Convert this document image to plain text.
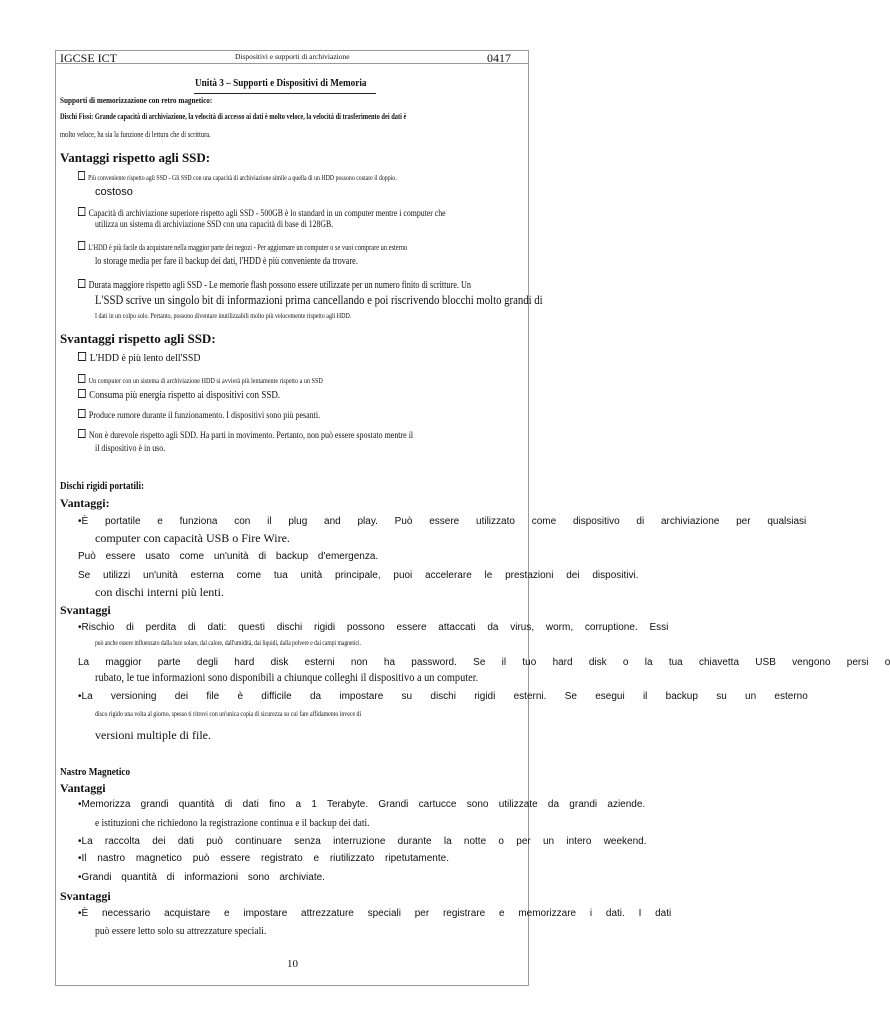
IGCSE ICT	Dispositivi e supporti di archiviazione	0417
Unità 3 – Supporti e Dispositivi di Memoria
Supporti di memorizzazione con retro magnetico:
Dischi Fissi: Grande capacità di archiviazione, la velocità di accesso ai dati è molto veloce, la velocità di trasferimento dei dati è
molto veloce, ha sia la funzione di lettura che di scrittura.
Vantaggi rispetto agli SSD:
Più conveniente rispetto agli SSD - Gli SSD con una capacità di archiviazione simile a quella di un HDD possono costare il doppio.
costoso
Capacità di archiviazione superiore rispetto agli SSD - 500GB è lo standard in un computer mentre i computer che
utilizza un sistema di archiviazione SSD con una capacità di base di 128GB.
L'HDD è più facile da acquistare nella maggior parte dei negozi - Per aggiornare un computer o se vuoi comprare un esterno
lo storage media per fare il backup dei dati, l'HDD è più conveniente da trovare.
Durata maggiore rispetto agli SSD - Le memorie flash possono essere utilizzate per un numero finito di scritture. Un
L'SSD scrive un singolo bit di informazioni prima cancellando e poi riscrivendo blocchi molto grandi di
I dati in un colpo solo. Pertanto, possono diventare inutilizzabili molto più velocemente rispetto agli HDD.
Svantaggi rispetto agli SSD:
L'HDD è più lento dell'SSD
Un computer con un sistema di archiviazione HDD si avvierà più lentamente rispetto a un SSD
Consuma più energia rispetto ai dispositivi con SSD.
Produce rumore durante il funzionamento. I dispositivi sono più pesanti.
Non è durevole rispetto agli SDD. Ha parti in movimento. Pertanto, non può essere spostato mentre il
il dispositivo è in uso.
Dischi rigidi portatili:
Vantaggi:
•È portatile e funziona con il plug and play. Può essere utilizzato come dispositivo di archiviazione per qualsiasi
computer con capacità USB o Fire Wire.
Può essere usato come un'unità di backup d'emergenza.
Se utilizzi un'unità esterna come tua unità principale, puoi accelerare le prestazioni dei dispositivi.
con dischi interni più lenti.
Svantaggi
•Rischio di perdita di dati: questi dischi rigidi possono essere attaccati da virus, worm, corruptione. Essi
può anche essere influenzato dalla luce solare, dal calore, dall'umidità, dai liquidi, dalla polvere e dai campi magnetici.
La maggior parte degli hard disk esterni non ha password. Se il tuo hard disk o la tua chiavetta USB vengono persi o
rubato, le tue informazioni sono disponibili a chiunque colleghi il dispositivo a un computer.
•La versioning dei file è difficile da impostare su dischi rigidi esterni. Se esegui il backup su un esterno
disco rigido una volta al giorno, spesso ti ritrovi con un'unica copia di sicurezza su cui fare affidamento invece di
versioni multiple di file.
Nastro Magnetico
Vantaggi
•Memorizza grandi quantità di dati fino a 1 Terabyte. Grandi cartucce sono utilizzate da grandi aziende.
e istituzioni che richiedono la registrazione continua e il backup dei dati.
•La raccolta dei dati può continuare senza interruzione durante la notte o per un intero weekend.
•Il nastro magnetico può essere registrato e riutilizzato ripetutamente.
•Grandi quantità di informazioni sono archiviate.
Svantaggi
•È necessario acquistare e impostare attrezzature speciali per registrare e memorizzare i dati. I dati
può essere letto solo su attrezzature speciali.
10
